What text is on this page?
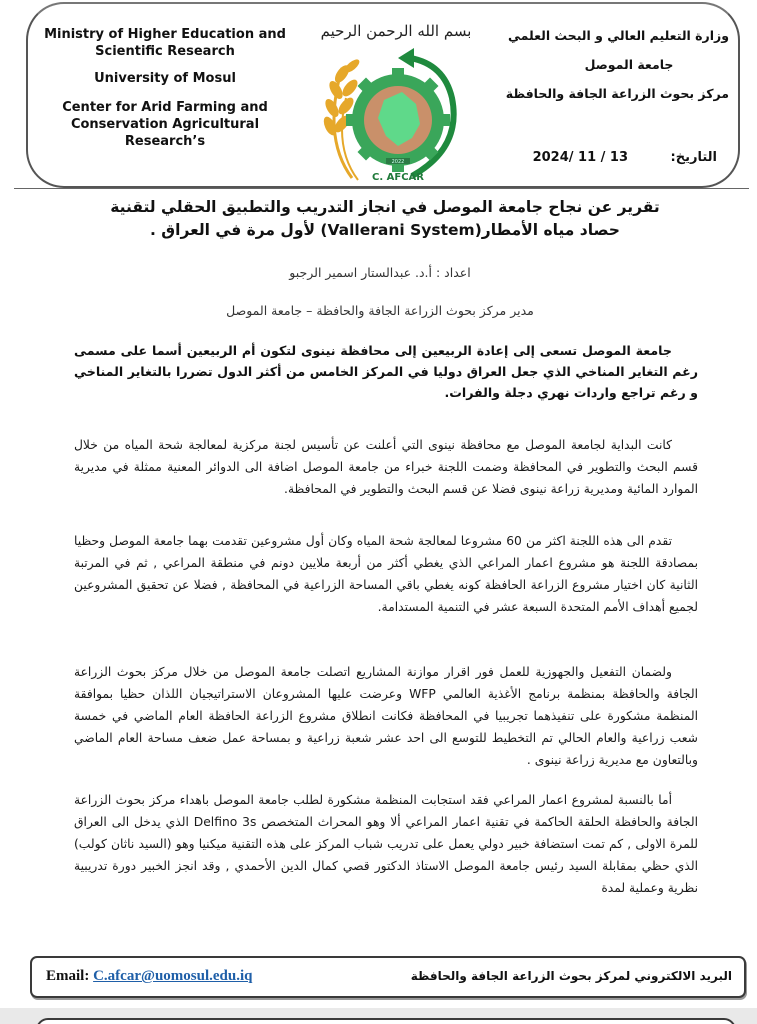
Ministry of Higher Education and Scientific Research
University of Mosul
Center for Arid Farming and Conservation Agricultural Research’s
بسم الله الرحمن الرحيم
2022
C. AFCAR
وزارة التعليم العالي و البحث العلمي
جامعة الموصل
مركز بحوث الزراعة الجافة والحافظة
التاريخ: 2024/ 11 / 13
تقرير عن نجاح جامعة الموصل في انجاز التدريب والتطبيق الحقلي لتقنية حصاد مياه الأمطار(Vallerani System) لأول مرة في العراق .
اعداد : أ.د. عبدالستار اسمير الرجبو
مدير مركز بحوث الزراعة الجافة والحافظة – جامعة الموصل

جامعة الموصل تسعى إلى إعادة الربيعين إلى محافظة نينوى لتكون أم الربيعين أسما على مسمى رغم التغاير المناخي الذي جعل العراق دوليا في المركز الخامس من أكثر الدول تضررا بالتغاير المناخي و رغم تراجع واردات نهري دجلة والفرات.

كانت البداية لجامعة الموصل مع محافظة نينوى التي أعلنت عن تأسيس لجنة مركزية لمعالجة شحة المياه من خلال قسم البحث والتطوير في المحافظة وضمت اللجنة خبراء من جامعة الموصل اضافة الى الدوائر المعنية ممثلة في مديرية الموارد المائية ومديرية زراعة نينوى فضلا عن قسم البحث والتطوير في المحافظة.

تقدم الى هذه اللجنة اكثر من 60 مشروعا لمعالجة شحة المياه وكان أول مشروعين تقدمت بهما جامعة الموصل وحظيا بمصادقة اللجنة هو مشروع اعمار المراعي الذي يغطي أكثر من أربعة ملايين دونم في منطقة المراعي , ثم في المرتبة الثانية كان اختيار مشروع الزراعة الحافظة كونه يغطي باقي المساحة الزراعية في المحافظة , فضلا عن تحقيق المشروعين لجميع أهداف الأمم المتحدة السبعة عشر في التنمية المستدامة.

ولضمان التفعيل والجهوزية للعمل فور اقرار موازنة المشاريع اتصلت جامعة الموصل من خلال مركز بحوث الزراعة الجافة والحافظة بمنظمة برنامج الأغذية العالمي WFP وعرضت عليها المشروعان الاستراتيجيان اللذان حظيا بموافقة المنظمة مشكورة على تنفيذهما تجريبيا في المحافظة فكانت انطلاق مشروع الزراعة الحافظة العام الماضي في خمسة شعب زراعية والعام الحالي تم التخطيط للتوسع الى احد عشر شعبة زراعية و بمساحة عمل ضعف مساحة العام الماضي وبالتعاون مع مديرية زراعة نينوى .

أما بالنسبة لمشروع اعمار المراعي فقد استجابت المنظمة مشكورة لطلب جامعة الموصل باهداء مركز بحوث الزراعة الجافة والحافظة الحلقة الحاكمة في تقنية اعمار المراعي ألا وهو المحراث المتخصص Delfino 3s الذي يدخل الى العراق للمرة الاولى , كم تمت استضافة خبير دولي يعمل على تدريب شباب المركز على هذه التقنية ميكنيا وهو (السيد ناثان كولب) الذي حظي بمقابلة السيد رئيس جامعة الموصل الاستاذ الدكتور قصي كمال الدين الأحمدي , وقد انجز الخبير دورة تدريبية نظرية وعملية لمدة

Email: C.afcar@uomosul.edu.iq	البريد الالكتروني لمركز بحوث الزراعة الجافة والحافظة
